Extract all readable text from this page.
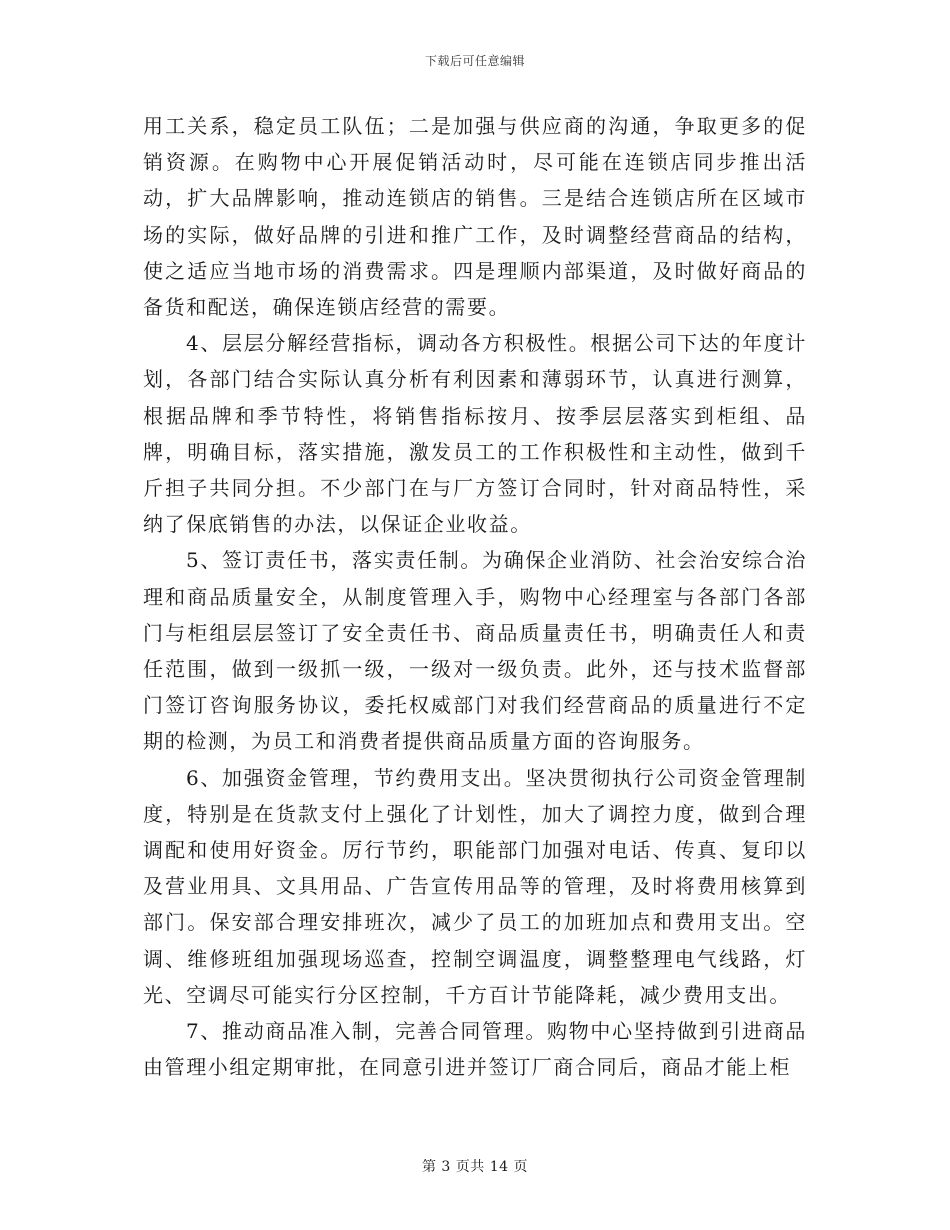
下载后可任意编辑

用工关系，稳定员工队伍；二是加强与供应商的沟通，争取更多的促销资源。在购物中心开展促销活动时，尽可能在连锁店同步推出活动，扩大品牌影响，推动连锁店的销售。三是结合连锁店所在区域市场的实际，做好品牌的引进和推广工作，及时调整经营商品的结构，使之适应当地市场的消费需求。四是理顺内部渠道，及时做好商品的备货和配送，确保连锁店经营的需要。

4、层层分解经营指标，调动各方积极性。根据公司下达的年度计划，各部门结合实际认真分析有利因素和薄弱环节，认真进行测算，根据品牌和季节特性，将销售指标按月、按季层层落实到柜组、品牌，明确目标，落实措施，激发员工的工作积极性和主动性，做到千斤担子共同分担。不少部门在与厂方签订合同时，针对商品特性，采纳了保底销售的办法，以保证企业收益。

5、签订责任书，落实责任制。为确保企业消防、社会治安综合治理和商品质量安全，从制度管理入手，购物中心经理室与各部门各部门与柜组层层签订了安全责任书、商品质量责任书，明确责任人和责任范围，做到一级抓一级，一级对一级负责。此外，还与技术监督部门签订咨询服务协议，委托权威部门对我们经营商品的质量进行不定期的检测，为员工和消费者提供商品质量方面的咨询服务。

6、加强资金管理，节约费用支出。坚决贯彻执行公司资金管理制度，特别是在货款支付上强化了计划性，加大了调控力度，做到合理调配和使用好资金。厉行节约，职能部门加强对电话、传真、复印以及营业用具、文具用品、广告宣传用品等的管理，及时将费用核算到部门。保安部合理安排班次，减少了员工的加班加点和费用支出。空调、维修班组加强现场巡查，控制空调温度，调整整理电气线路，灯光、空调尽可能实行分区控制，千方百计节能降耗，减少费用支出。

7、推动商品准入制，完善合同管理。购物中心坚持做到引进商品由管理小组定期审批，在同意引进并签订厂商合同后，商品才能上柜

第 3 页共 14 页
